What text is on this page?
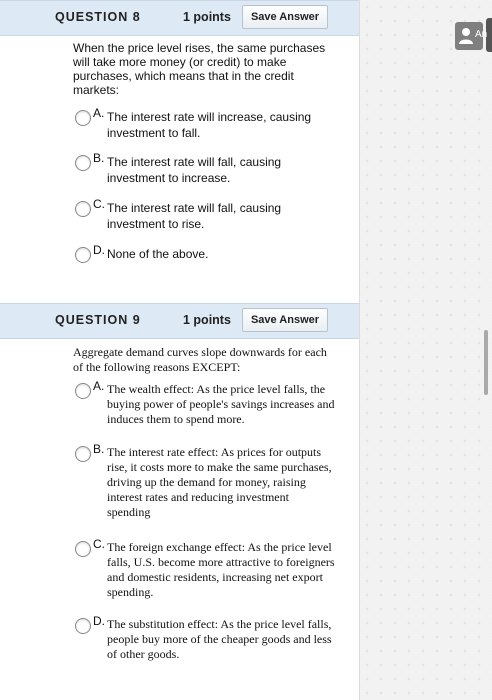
QUESTION 8	1 points	Save Answer
When the price level rises, the same purchases will take more money (or credit) to make purchases, which means that in the credit markets:
A. The interest rate will increase, causing investment to fall.
B. The interest rate will fall, causing investment to increase.
C. The interest rate will fall, causing investment to rise.
D. None of the above.
QUESTION 9	1 points	Save Answer
Aggregate demand curves slope downwards for each of the following reasons EXCEPT:
A. The wealth effect: As the price level falls, the buying power of people's savings increases and induces them to spend more.
B. The interest rate effect: As prices for outputs rise, it costs more to make the same purchases, driving up the demand for money, raising interest rates and reducing investment spending
C. The foreign exchange effect: As the price level falls, U.S. become more attractive to foreigners and domestic residents, increasing net export spending.
D. The substitution effect: As the price level falls, people buy more of the cheaper goods and less of other goods.
An
